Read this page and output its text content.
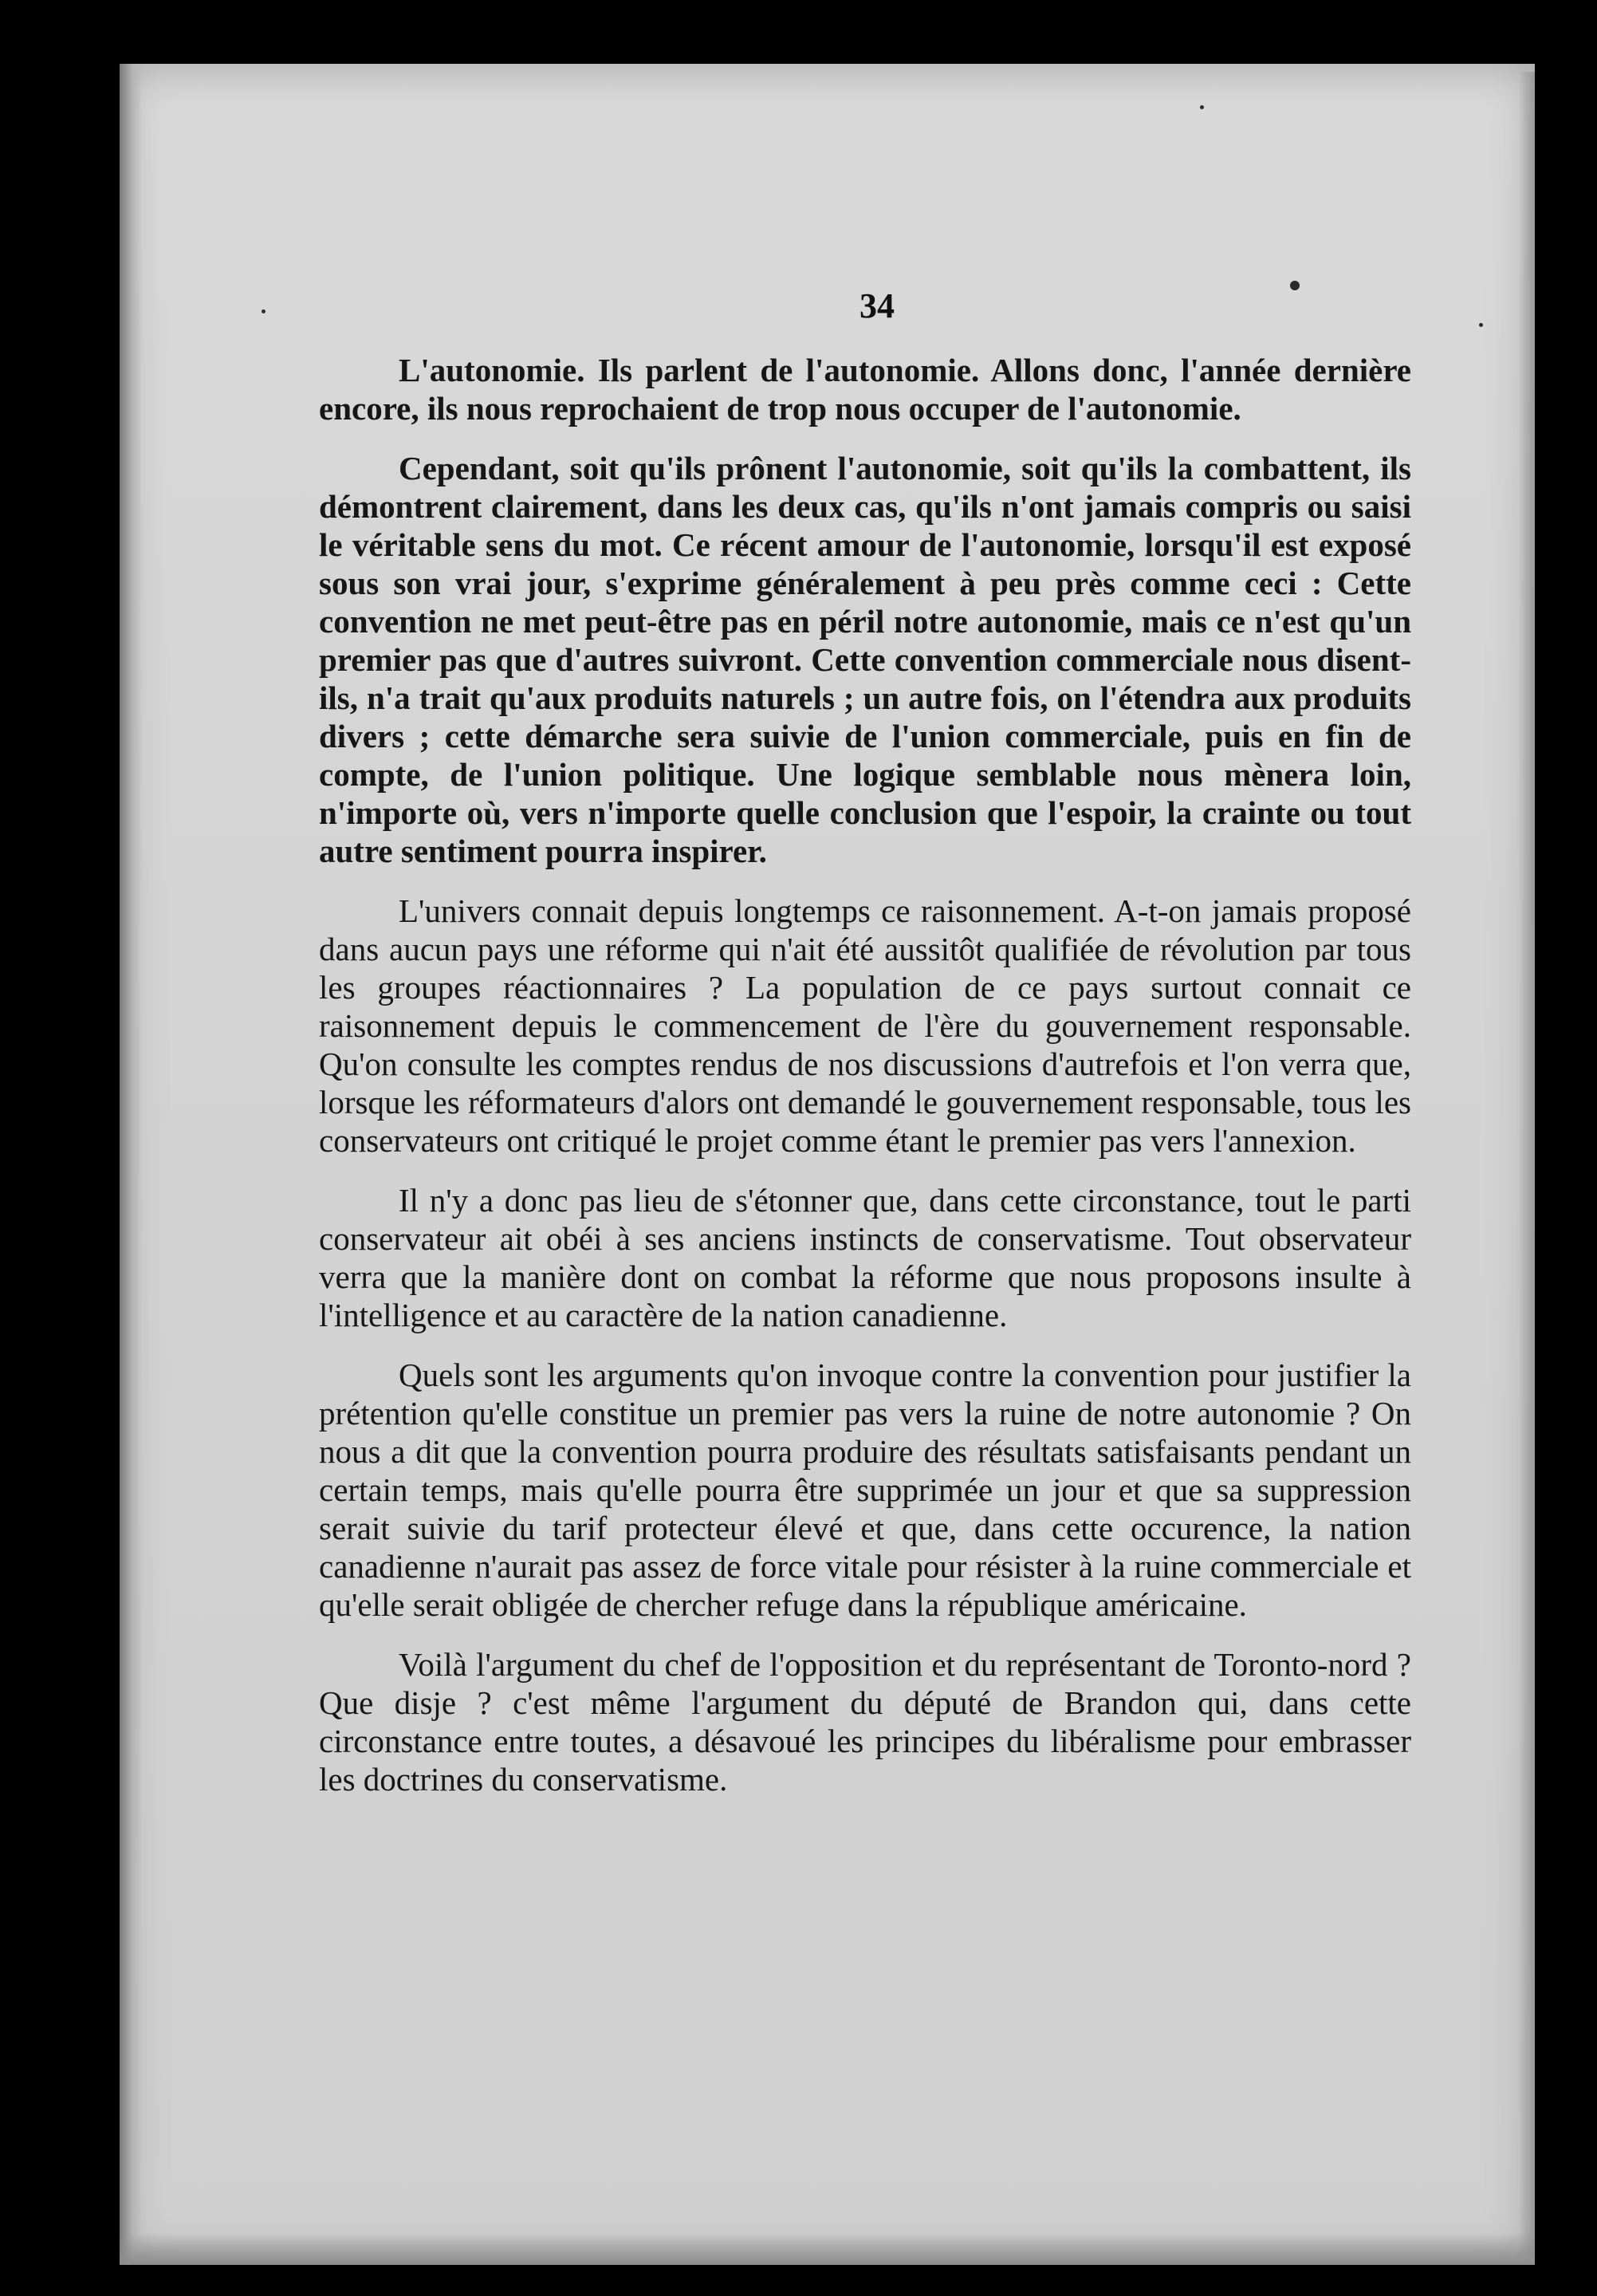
34

L'autonomie. Ils parlent de l'autonomie. Allons donc, l'année dernière encore, ils nous reprochaient de trop nous occuper de l'autonomie.

Cependant, soit qu'ils prônent l'autonomie, soit qu'ils la combattent, ils démontrent clairement, dans les deux cas, qu'ils n'ont jamais compris ou saisi le véritable sens du mot. Ce récent amour de l'autonomie, lorsqu'il est exposé sous son vrai jour, s'exprime généralement à peu près comme ceci : Cette convention ne met peut-être pas en péril notre autonomie, mais ce n'est qu'un premier pas que d'autres suivront. Cette convention commerciale nous disent-ils, n'a trait qu'aux produits naturels ; un autre fois, on l'étendra aux produits divers ; cette démarche sera suivie de l'union commerciale, puis en fin de compte, de l'union politique. Une logique semblable nous mènera loin, n'importe où, vers n'importe quelle conclusion que l'espoir, la crainte ou tout autre sentiment pourra inspirer.

L'univers connait depuis longtemps ce raisonnement. A-t-on jamais proposé dans aucun pays une réforme qui n'ait été aussitôt qualifiée de révolution par tous les groupes réactionnaires ? La population de ce pays surtout connait ce raisonnement depuis le commencement de l'ère du gouvernement responsable. Qu'on consulte les comptes rendus de nos discussions d'autrefois et l'on verra que, lorsque les réformateurs d'alors ont demandé le gouvernement responsable, tous les conservateurs ont critiqué le projet comme étant le premier pas vers l'annexion.

Il n'y a donc pas lieu de s'étonner que, dans cette circonstance, tout le parti conservateur ait obéi à ses anciens instincts de conservatisme. Tout observateur verra que la manière dont on combat la réforme que nous proposons insulte à l'intelligence et au caractère de la nation canadienne.

Quels sont les arguments qu'on invoque contre la convention pour justifier la prétention qu'elle constitue un premier pas vers la ruine de notre autonomie ? On nous a dit que la convention pourra produire des résultats satisfaisants pendant un certain temps, mais qu'elle pourra être supprimée un jour et que sa suppression serait suivie du tarif protecteur élevé et que, dans cette occurence, la nation canadienne n'aurait pas assez de force vitale pour résister à la ruine commerciale et qu'elle serait obligée de chercher refuge dans la république américaine.

Voilà l'argument du chef de l'opposition et du représentant de Toronto-nord ? Que disje ? c'est même l'argument du député de Brandon qui, dans cette circonstance entre toutes, a désavoué les principes du libéralisme pour embrasser les doctrines du conservatisme.
